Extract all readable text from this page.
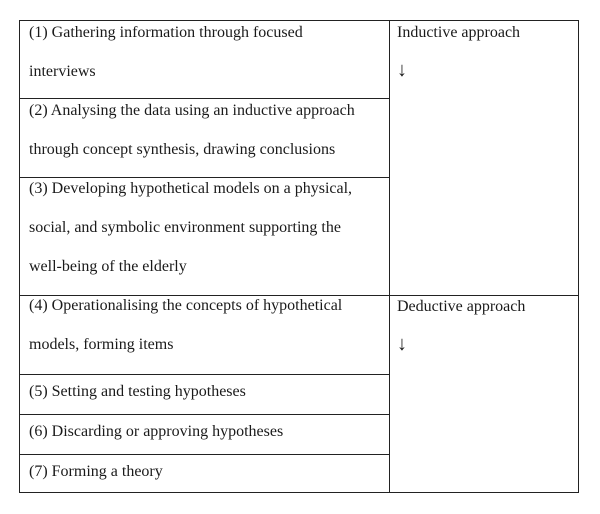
(1) Gathering information through focused
interviews
(2) Analysing the data using an inductive approach
through concept synthesis, drawing conclusions
(3) Developing hypothetical models on a physical,
social, and symbolic environment supporting the
well-being of the elderly
(4) Operationalising the concepts of hypothetical
models, forming items
(5) Setting and testing hypotheses
(6) Discarding or approving hypotheses
(7) Forming a theory
Inductive approach
↓
Deductive approach
↓
